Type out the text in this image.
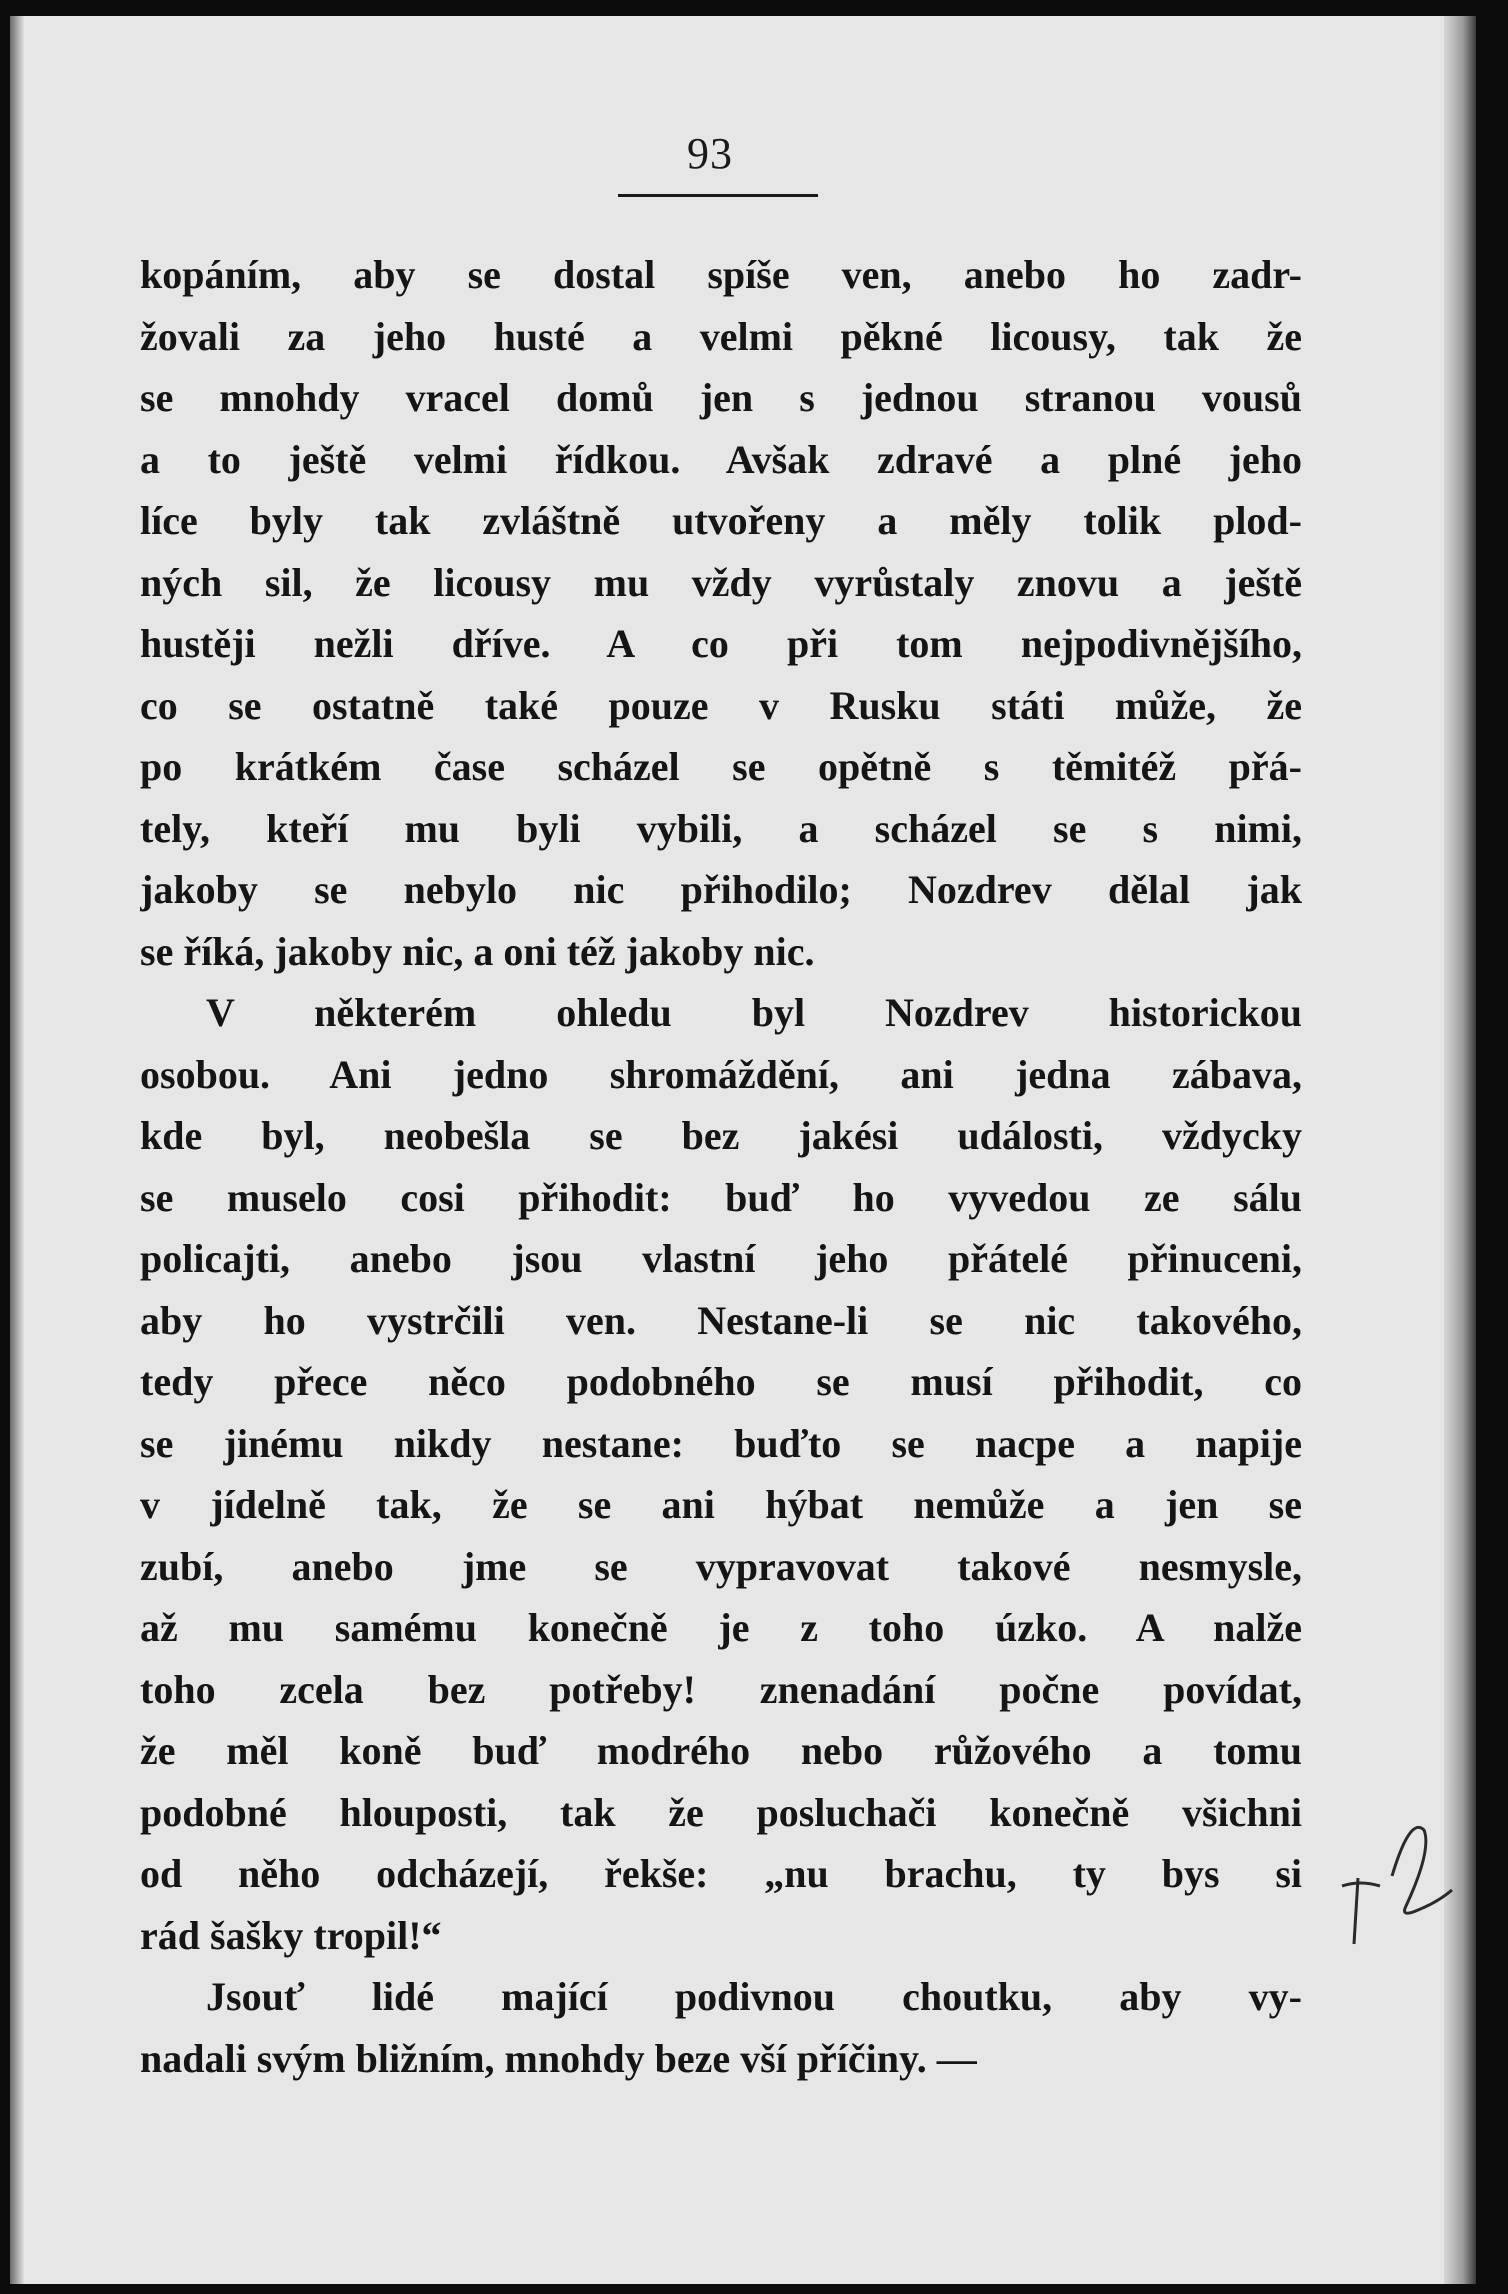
93
kopáním, aby se dostal spíše ven, anebo ho zadr-
žovali za jeho husté a velmi pěkné licousy, tak že
se mnohdy vracel domů jen s jednou stranou vousů
a to ještě velmi řídkou. Avšak zdravé a plné jeho
líce byly tak zvláštně utvořeny a měly tolik plod-
ných sil, že licousy mu vždy vyrůstaly znovu a ještě
hustěji nežli dříve. A co při tom nejpodivnějšího,
co se ostatně také pouze v Rusku státi může, že
po krátkém čase scházel se opětně s těmitéž přá-
tely, kteří mu byli vybili, a scházel se s nimi,
jakoby se nebylo nic přihodilo; Nozdrev dělal jak
se říká, jakoby nic, a oni též jakoby nic.
V některém ohledu byl Nozdrev historickou
osobou. Ani jedno shromáždění, ani jedna zábava,
kde byl, neobešla se bez jakési události, vždycky
se muselo cosi přihodit: buď ho vyvedou ze sálu
policajti, anebo jsou vlastní jeho přátelé přinuceni,
aby ho vystrčili ven. Nestane-li se nic takového,
tedy přece něco podobného se musí přihodit, co
se jinému nikdy nestane: buďto se nacpe a napije
v jídelně tak, že se ani hýbat nemůže a jen se
zubí, anebo jme se vypravovat takové nesmysle,
až mu samému konečně je z toho úzko. A nalže
toho zcela bez potřeby! znenadání počne povídat,
že měl koně buď modrého nebo růžového a tomu
podobné hlouposti, tak že posluchači konečně všichni
od něho odcházejí, řekše: „nu brachu, ty bys si
rád šašky tropil!“
Jsouť lidé mající podivnou choutku, aby vy-
nadali svým bližním, mnohdy beze vší příčiny. —
